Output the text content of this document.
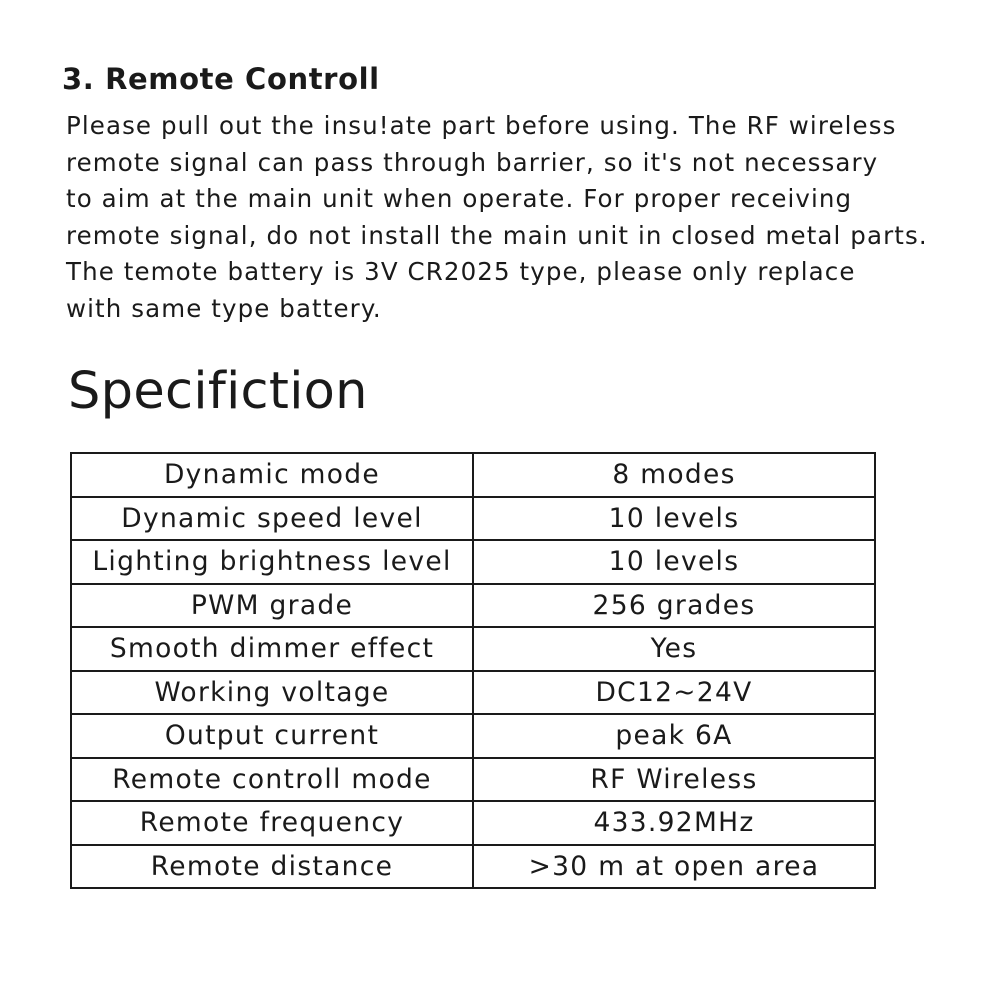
3. Remote Controll

Please pull out the insu!ate part before using. The RF wireless
remote signal can pass through barrier, so it's not necessary
to aim at the main unit when operate. For proper receiving
remote signal, do not install the main unit in closed metal parts.
The temote battery is 3V CR2025 type, please only replace
with same type battery.

Specifiction
Dynamic mode	8 modes
Dynamic speed level	10 levels
Lighting brightness level	10 levels
PWM grade	256 grades
Smooth dimmer effect	Yes
Working voltage	DC12~24V
Output current	peak 6A
Remote controll mode	RF Wireless
Remote frequency	433.92MHz
Remote distance	>30 m at open area
